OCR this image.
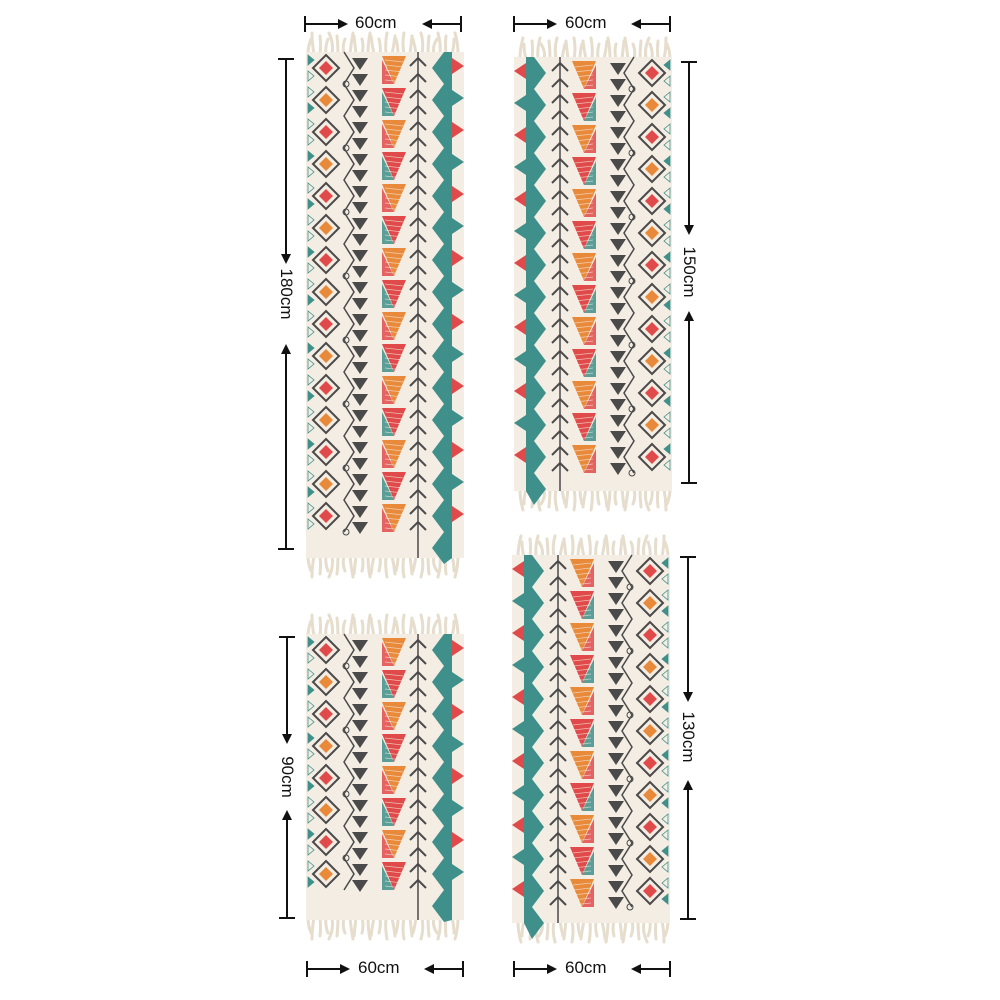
60cm	60cm
60cm	60cm
180cm	150cm
90cm
130cm
